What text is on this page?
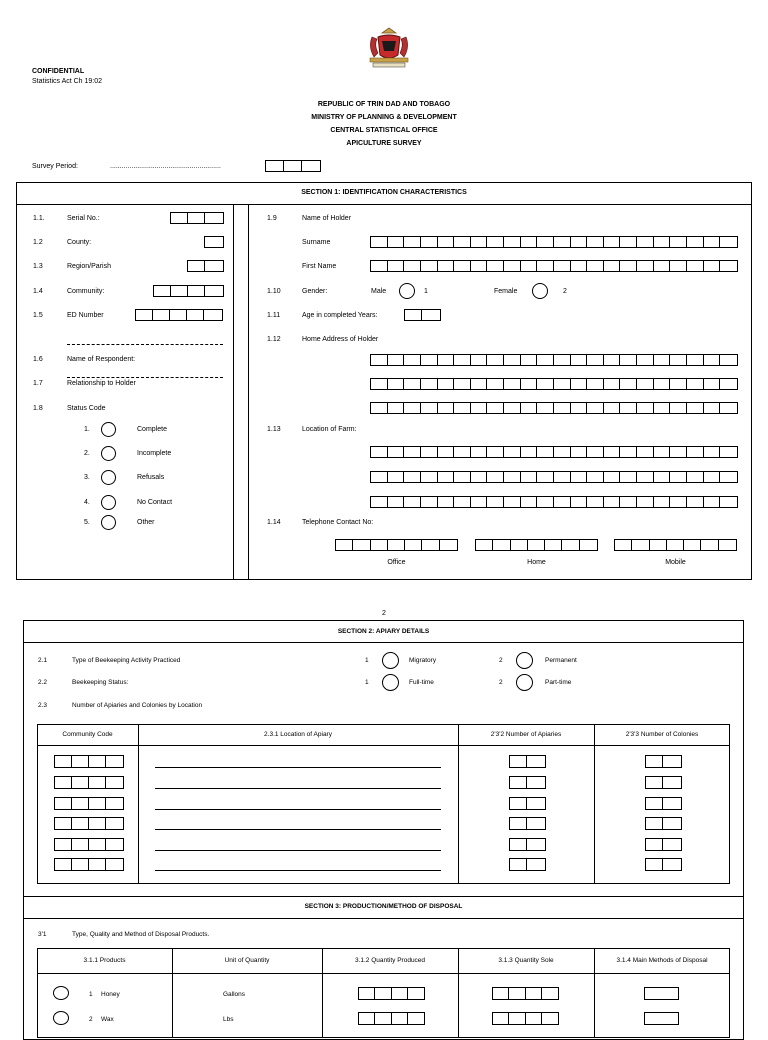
CONFIDENTIAL
Statistics Act Ch 19:02
REPUBLIC OF TRIN DAD AND TOBAGO
MINISTRY OF PLANNING & DEVELOPMENT
CENTRAL STATISTICAL OFFICE
APICULTURE SURVEY
Survey Period:	.........................................................
SECTION 1: IDENTIFICATION CHARACTERISTICS
1.1.	Serial No.:
1.2	County:
1.3	Region/Parish
1.4	Community:
1.5	ED Number
1.6	Name of Respondent:
1.7	Relationship to Holder
1.8	Status Code
1.	Complete
2.	Incomplete
3.	Refusals
4.	No Contact
5.	Other
1.9	Name of Holder
Surname
First Name
1.10	Gender:	Male	1	Female	2
1.11	Age in completed Years:
1.12	Home Address of Holder
1.13	Location of Farm:
1.14	Telephone Contact No:
Office	Home	Mobile
2
SECTION 2: APIARY DETAILS
2.1	Type of Beekeeping Activity Practiced	1	Migratory	2	Permanent
2.2	Beekeeping Status:	1	Full-time	2	Part-time
2.3	Number of Apiaries and Colonies by Location
Community Code	2.3.1 Location of Apiary	2'3'2 Number of Apiaries	2'3'3 Number of Colonies
SECTION 3: PRODUCTION/METHOD OF DISPOSAL
3'1	Type, Quality and Method of Disposal Products.
3.1.1 Products	Unit of Quantity	3.1.2 Quantity Produced	3.1.3 Quantity Sole	3.1.4 Main Methods of Disposal
1 Honey	Gallons
2 Wax	Lbs
